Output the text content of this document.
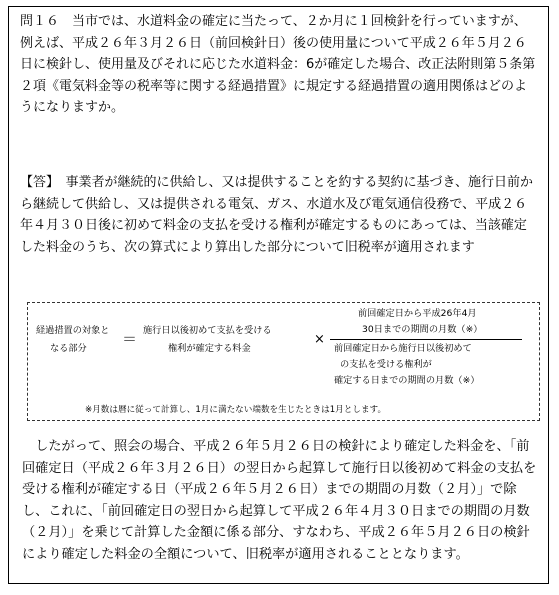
問１６　当市では、水道料金の確定に当たって、２か月に１回検針を行っていますが、例えば、平成２６年３月２６日（前回検針日）後の使用量について平成２６年５月２６日に検針し、使用量及びそれに応じた水道料金：6が確定した場合、改正法附則第５条第２項《電気料金等の税率等に関する経過措置》に規定する経過措置の適用関係はどのようになりますか。

【答】　事業者が継続的に供給し、又は提供することを約する契約に基づき、施行日前から継続して供給し、又は提供される電気、ガス、水道水及び電気通信役務で、平成２６年４月３０日後に初めて料金の支払を受ける権利が確定するものにあっては、当該確定した料金のうち、次の算式により算出した部分について旧税率が適用されます

経過措置の対象と
なる部分
＝ 施行日以後初めて支払を受ける
権利が確定する料金
×
前回確定日から平成26年4月
30日までの期間の月数（※）
前回確定日から施行日以後初めて
の支払を受ける権利が
確定する日までの期間の月数（※）
※月数は暦に従って計算し、1月に満たない端数を生じたときは1月とします。

　したがって、照会の場合、平成２６年５月２６日の検針により確定した料金を、「前回確定日（平成２６年３月２６日）の翌日から起算して施行日以後初めて料金の支払を受ける権利が確定する日（平成２６年５月２６日）までの期間の月数（２月）」で除し、これに、「前回確定日の翌日から起算して平成２６年４月３０日までの期間の月数（２月）」を乗じて計算した金額に係る部分、すなわち、平成２６年５月２６日の検針により確定した料金の全額について、旧税率が適用されることとなります。
